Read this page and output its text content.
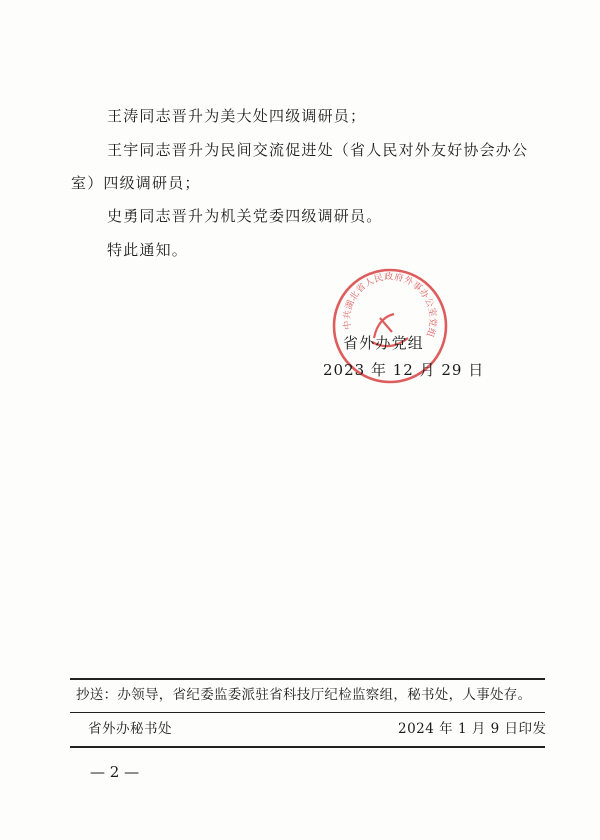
王涛同志晋升为美大处四级调研员；
王宇同志晋升为民间交流促进处（省人民对外友好协会办公
室）四级调研员；
史勇同志晋升为机关党委四级调研员。
特此通知。
中共湖北省人民政府外事办公室党组
省外办党组
2023 年 12 月 29 日
抄送：办领导，省纪委监委派驻省科技厅纪检监察组，秘书处，人事处存。
省外办秘书处	2024 年 1 月 9 日印发
— 2 —
